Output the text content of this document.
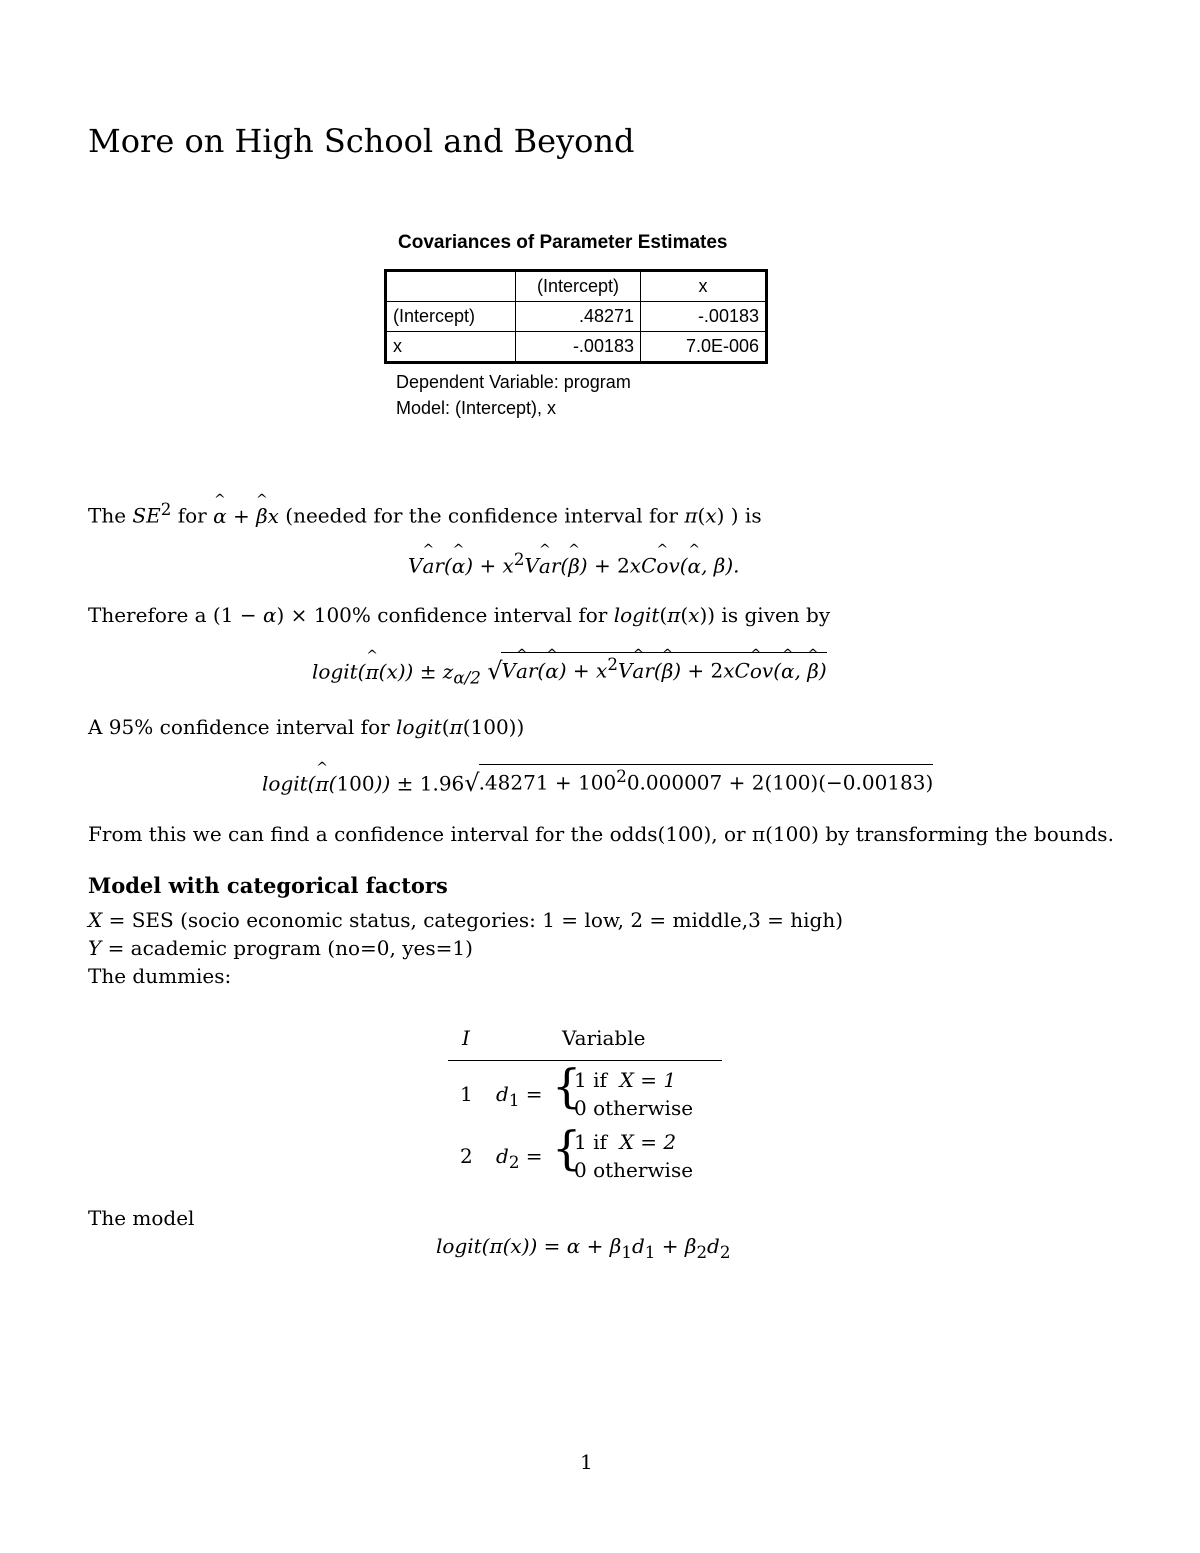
More on High School and Beyond
Covariances of Parameter Estimates
	(Intercept)	x
(Intercept)	.48271	-.00183
x	-.00183	7.0E-006
Dependent Variable: program
Model: (Intercept), x
The $SE^2$ for ^ α + ^ βx (needed for the confidence interval for π(x) ) is
V^ ar(^ $\alpha) + x^2V\^{}$ ar(^ β) + 2xC^ ov(^ α, β).
Therefore a (1 − α) × 100% confidence interval for logit(π(x)) is given by
logit(^ $\pi(x)) \pm z_{\alpha/2}$ √ V^ ar(^ $\alpha) + x^2V\^{}$ ar(^ β) + 2xC^ ov(^ α, ^ β)
A 95% confidence interval for logit(π(100))
logit(^ π(100)) ± 1.96 √ $.48271 + 100^20.000007 + 2(100)(-0.00183)$
From this we can find a confidence interval for the odds(100), or π(100) by transforming the bounds.
Model with categorical factors
X = SES (socio economic status, categories: 1 = low, 2 = middle,3 = high)
Y = academic program (no=0, yes=1)
The dummies:
I	Variable
1 $d_1$ = {
1 if X = 1
0 otherwise
2 $d_2$ = {
1 if X = 2
0 otherwise
The model
logit(π(x)) = $\alpha + \beta_1d_1 + \beta_2d_2$
1
